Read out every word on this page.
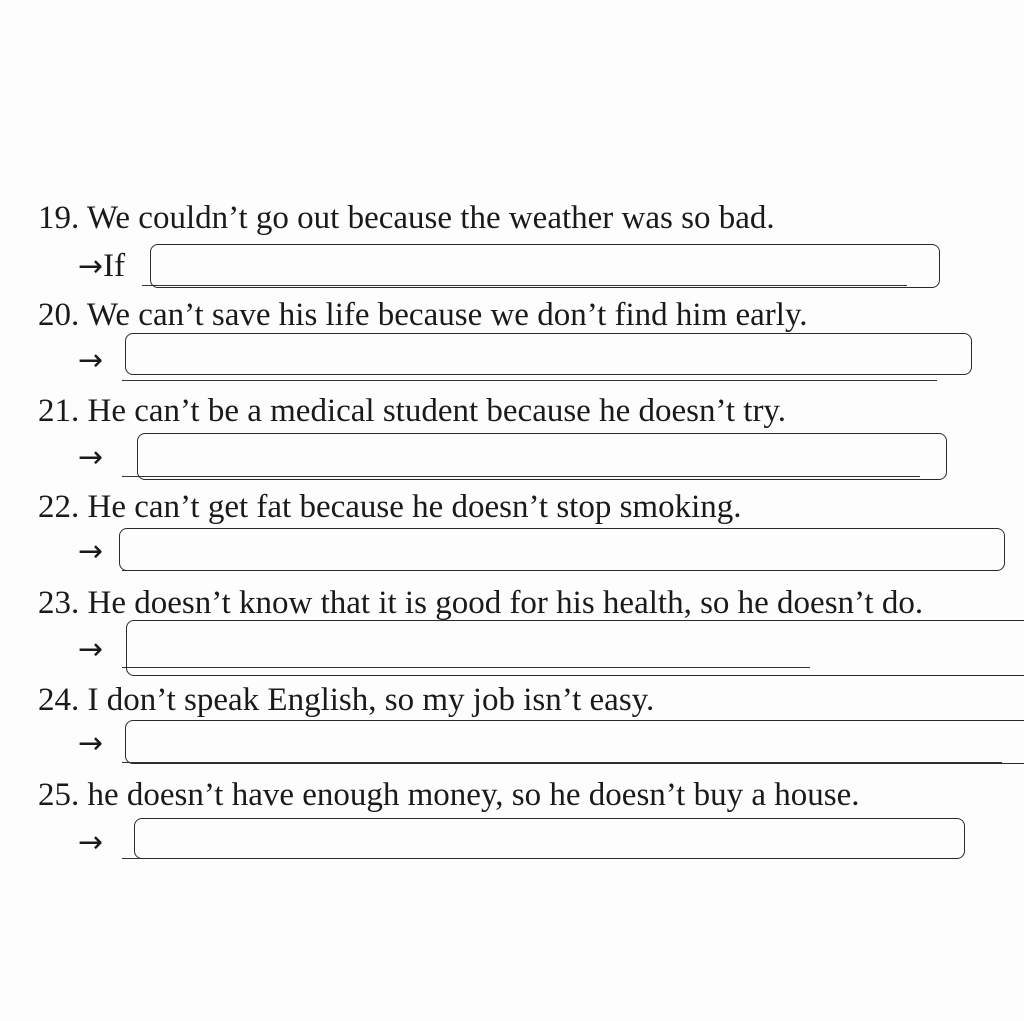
19. We couldn’t go out because the weather was so bad.
→If
20. We can’t save his life because we don’t find him early.
→
21. He can’t be a medical student because he doesn’t try.
→
22. He can’t get fat because he doesn’t stop smoking.
→
23. He doesn’t know that it is good for his health, so he doesn’t do.
→
24. I don’t speak English, so my job isn’t easy.
→
25. he doesn’t have enough money, so he doesn’t buy a house.
→
